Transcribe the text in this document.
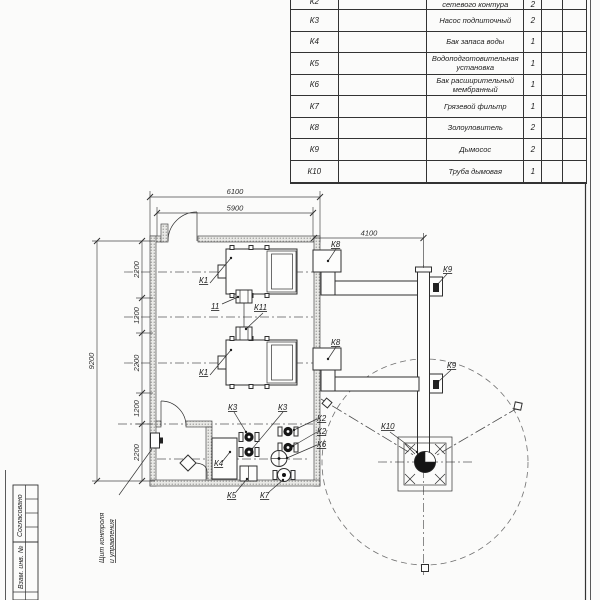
6100
5900
4100
9200
2200
1200
2200
1200
2200
К1
К1
11	К11
К8
К8
К9
К9
К10
К3	К3
К2
К2
К6
К5	К7
К4
Щит контроля и управления
Согласовано
Взам. инв. №
К2	сетевого контура	2
К3	Насос подпиточный	2
К4	Бак запаса воды	1
К5	Водоподготовительная установка	1
К6	Бак расширительный мембранный	1
К7	Грязевой фильтр	1
К8	Золоуловитель	2
К9	Дымосос	2
К10	Труба дымовая	1
